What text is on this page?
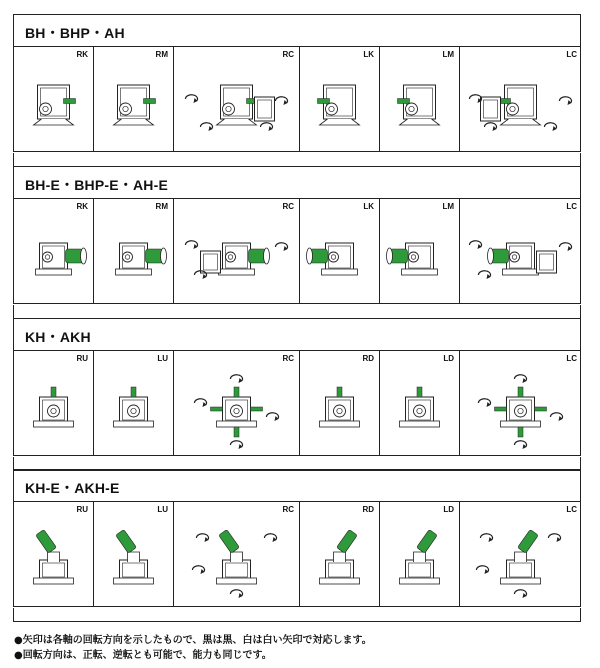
BH・BHP・AH
RK	RM	RC	LK	LM	LC
BH-E・BHP-E・AH-E
RK	RM	RC	LK	LM	LC
KH・AKH
RU	LU	RC	RD	LD	LC
KH-E・AKH-E
RU	LU	RC	RD	LD	LC
●矢印は各軸の回転方向を示したもので、黒は黒、白は白い矢印で対応します。
●回転方向は、正転、逆転とも可能で、能力も同じです。
